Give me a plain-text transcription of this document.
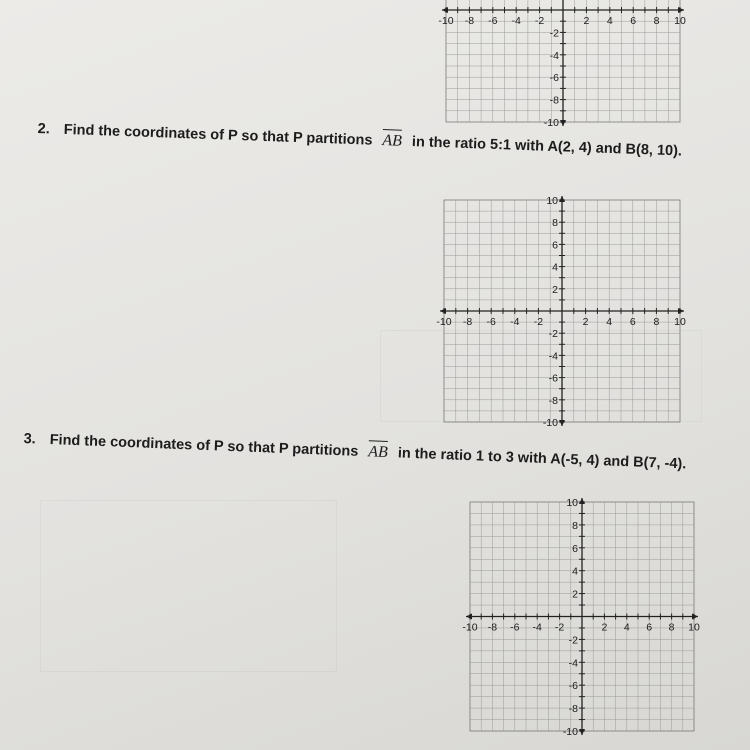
-10 -8 -6 -4 -2	2 4 6 8 10
-2
-4
-6
-8
-10
2. Find the coordinates of P so that P partitions AB in the ratio 5:1 with A(2, 4) and B(8, 10).
-10 -8 -6 -4 -2	2 4 6 8 10
10
8
6
4
2
-2
-4
-6
-8
-10
3. Find the coordinates of P so that P partitions AB in the ratio 1 to 3 with A(-5, 4) and B(7, -4).
-10 -8 -6 -4 -2	2 4 6 8 10
10
8
6
4
2
-2
-4
-6
-8
-10
